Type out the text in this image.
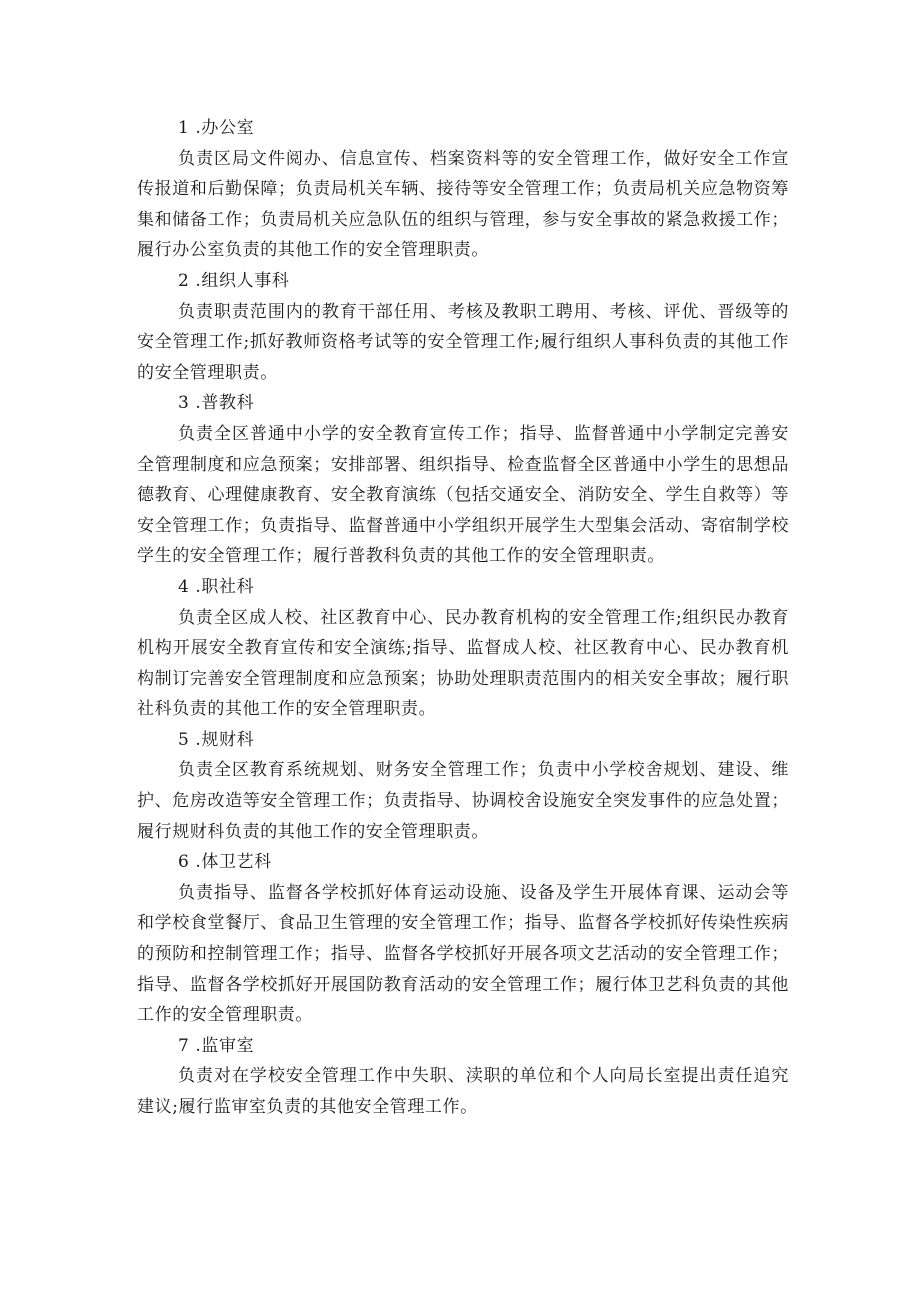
1 .办公室

负责区局文件阅办、信息宣传、档案资料等的安全管理工作，做好安全工作宣传报道和后勤保障；负责局机关车辆、接待等安全管理工作；负责局机关应急物资筹集和储备工作；负责局机关应急队伍的组织与管理，参与安全事故的紧急救援工作；履行办公室负责的其他工作的安全管理职责。

2 .组织人事科

负责职责范围内的教育干部任用、考核及教职工聘用、考核、评优、晋级等的安全管理工作;抓好教师资格考试等的安全管理工作;履行组织人事科负责的其他工作的安全管理职责。

3 .普教科

负责全区普通中小学的安全教育宣传工作；指导、监督普通中小学制定完善安全管理制度和应急预案；安排部署、组织指导、检查监督全区普通中小学生的思想品德教育、心理健康教育、安全教育演练（包括交通安全、消防安全、学生自救等）等安全管理工作；负责指导、监督普通中小学组织开展学生大型集会活动、寄宿制学校学生的安全管理工作；履行普教科负责的其他工作的安全管理职责。

4 .职社科

负责全区成人校、社区教育中心、民办教育机构的安全管理工作;组织民办教育机构开展安全教育宣传和安全演练;指导、监督成人校、社区教育中心、民办教育机构制订完善安全管理制度和应急预案；协助处理职责范围内的相关安全事故；履行职社科负责的其他工作的安全管理职责。

5 .规财科

负责全区教育系统规划、财务安全管理工作；负责中小学校舍规划、建设、维护、危房改造等安全管理工作；负责指导、协调校舍设施安全突发事件的应急处置；履行规财科负责的其他工作的安全管理职责。

6 .体卫艺科

负责指导、监督各学校抓好体育运动设施、设备及学生开展体育课、运动会等和学校食堂餐厅、食品卫生管理的安全管理工作；指导、监督各学校抓好传染性疾病的预防和控制管理工作；指导、监督各学校抓好开展各项文艺活动的安全管理工作；指导、监督各学校抓好开展国防教育活动的安全管理工作；履行体卫艺科负责的其他工作的安全管理职责。

7 .监审室

负责对在学校安全管理工作中失职、渎职的单位和个人向局长室提出责任追究建议;履行监审室负责的其他安全管理工作。
